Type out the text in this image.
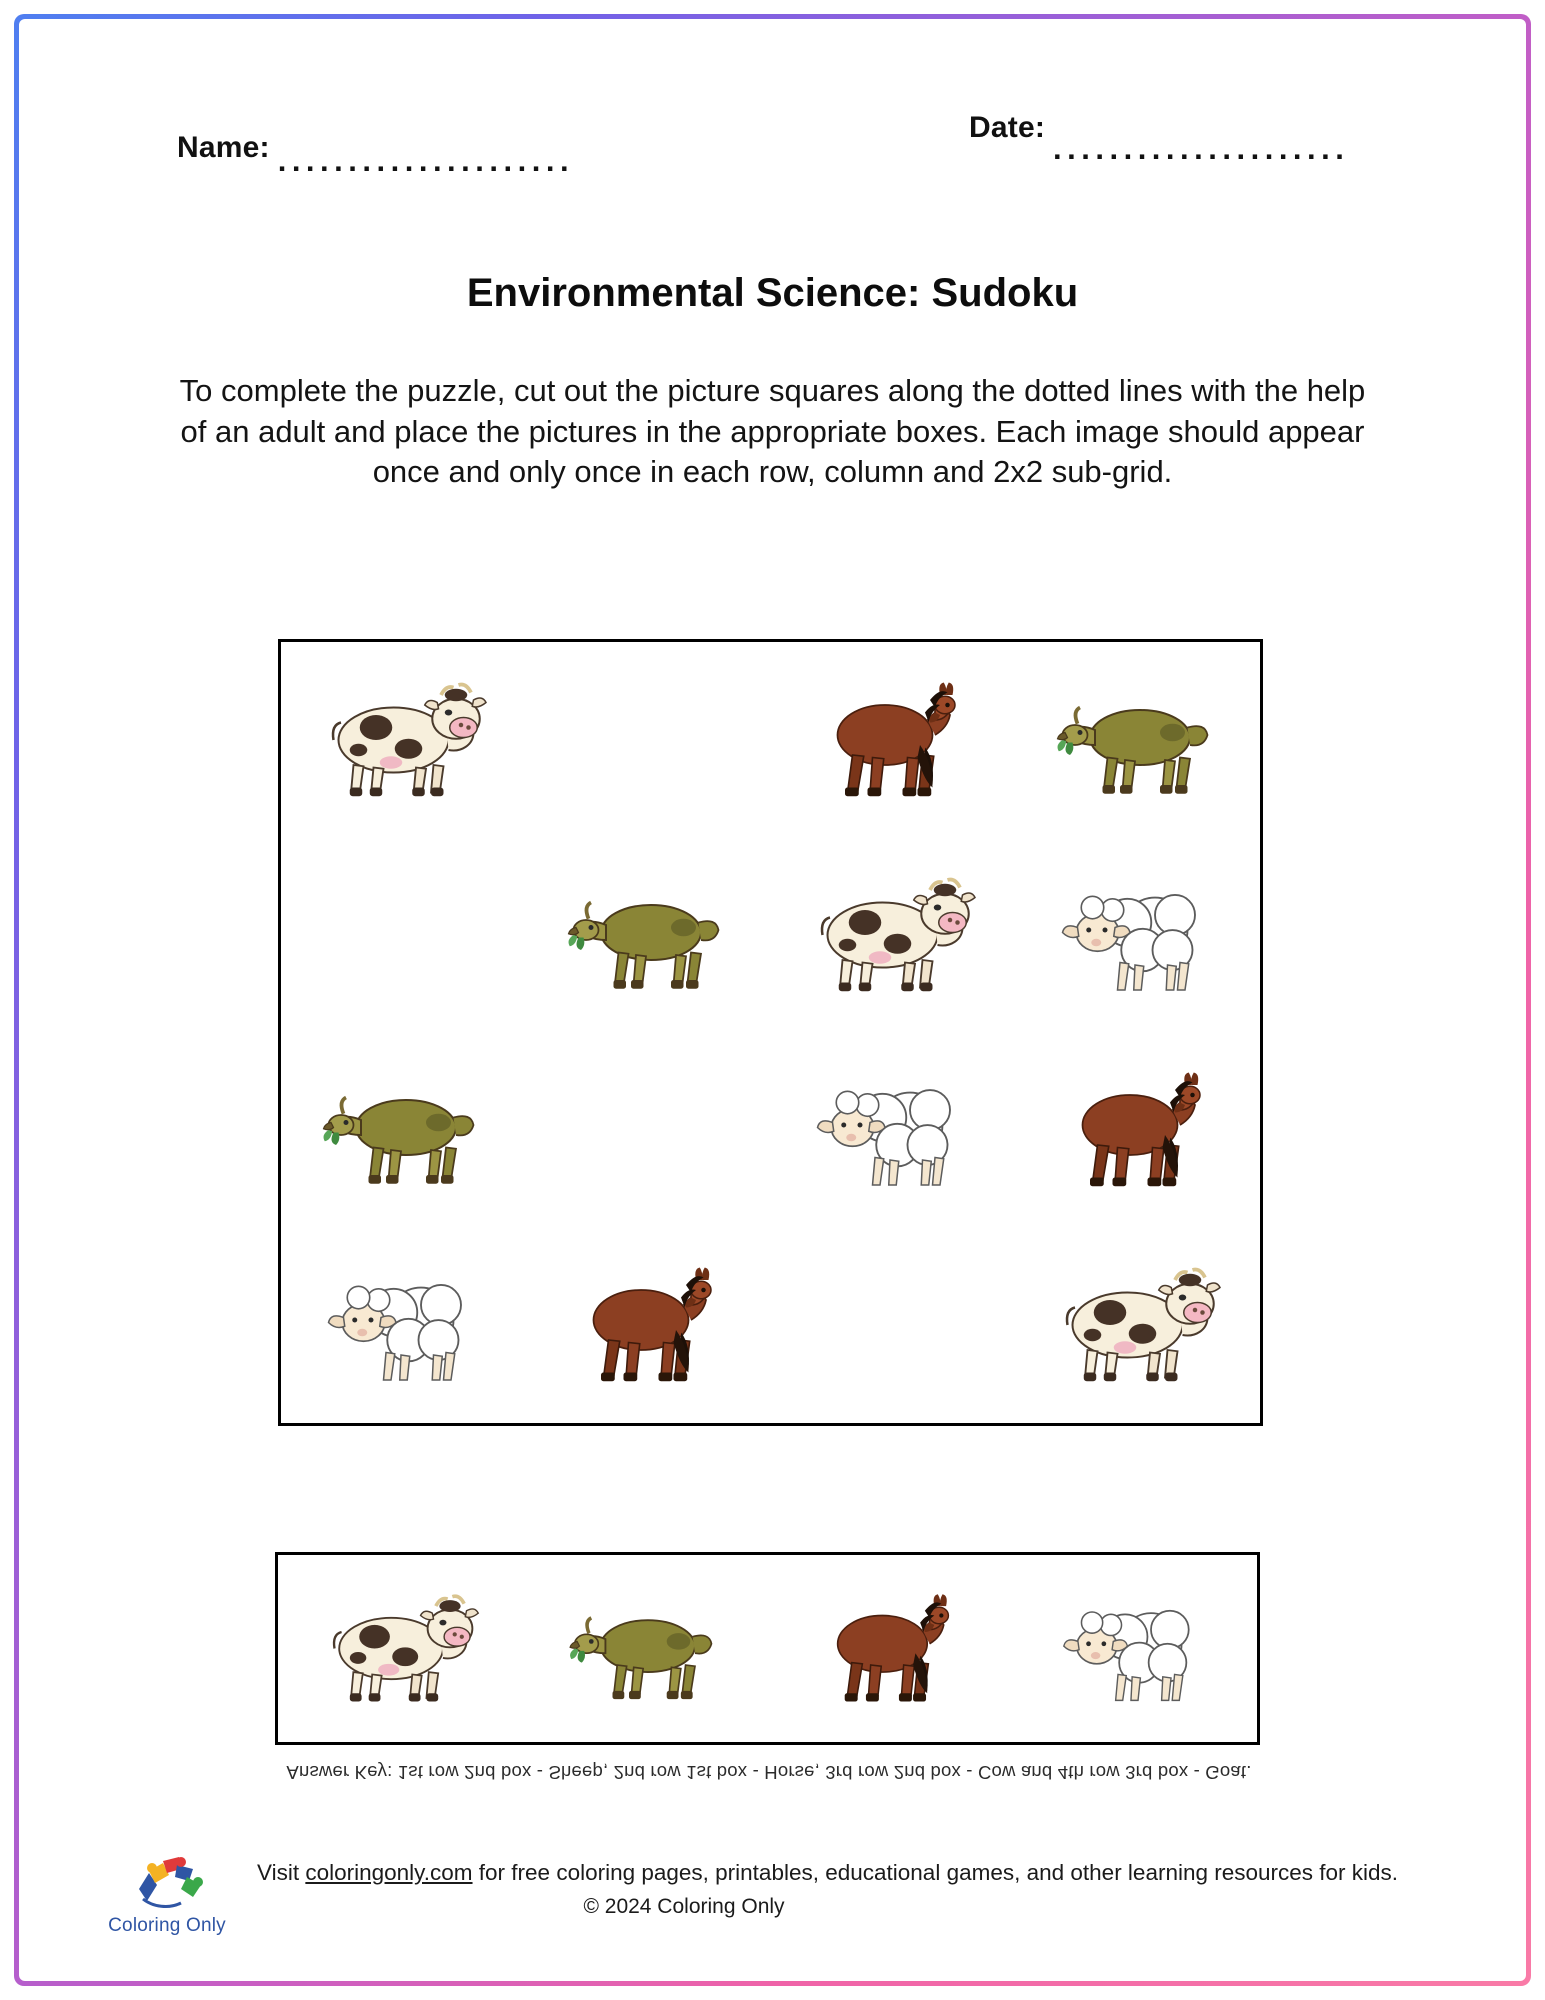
Name: .....................
Date:
.....................
Environmental Science: Sudoku
To complete the puzzle, cut out the picture squares along the dotted lines with the help of an adult and place the pictures in the appropriate boxes. Each image should appear once and only once in each row, column and 2x2 sub-grid.
Answer Key: 1st row 2nd box - Sheep, 2nd row 1st box - Horse, 3rd row 2nd box - Cow and 4th row 3rd box - Goat.
Coloring Only
Visit coloringonly.com for free coloring pages, printables, educational games, and other learning resources for kids.
© 2024 Coloring Only
